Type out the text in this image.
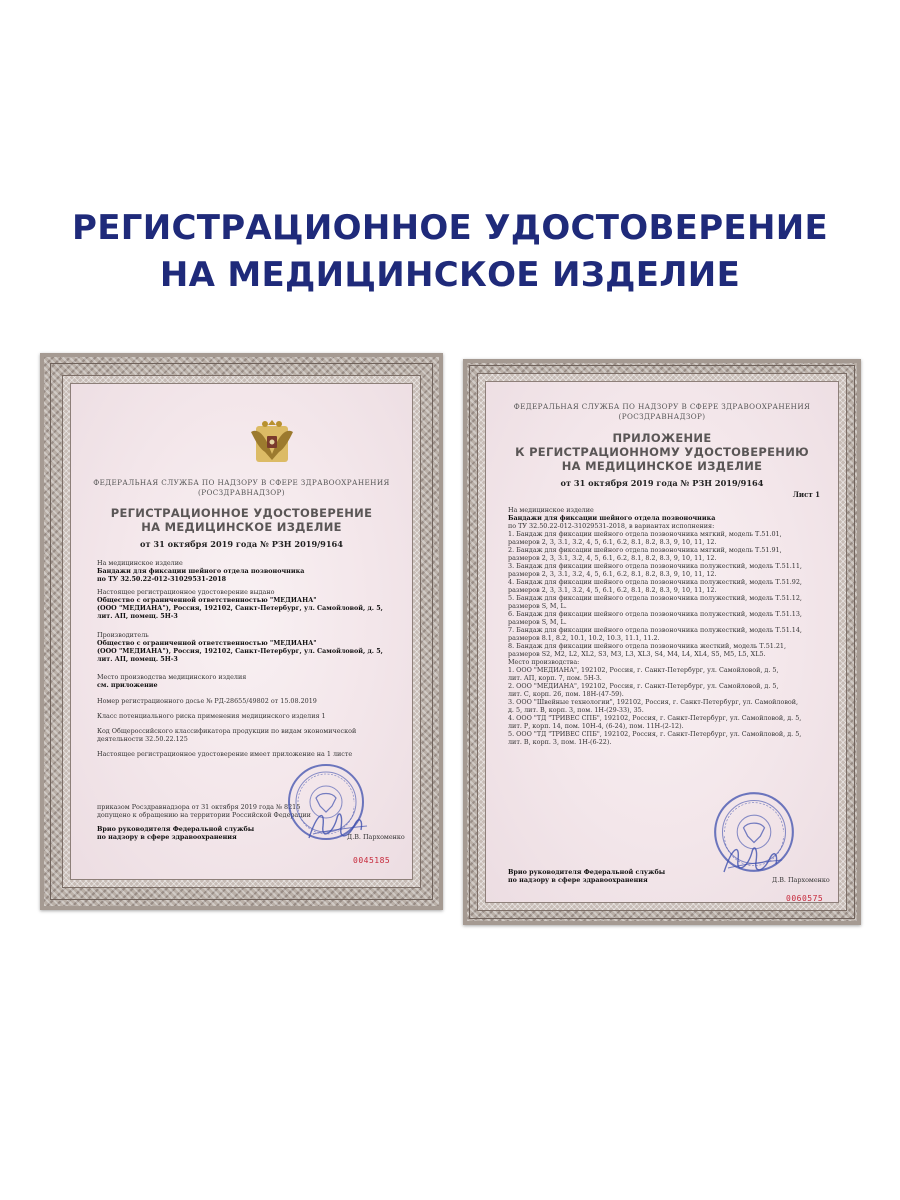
РЕГИСТРАЦИОННОЕ УДОСТОВЕРЕНИЕ
НА МЕДИЦИНСКОЕ ИЗДЕЛИЕ
ФЕДЕРАЛЬНАЯ СЛУЖБА ПО НАДЗОРУ В СФЕРЕ ЗДРАВООХРАНЕНИЯ
(РОСЗДРАВНАДЗОР)
РЕГИСТРАЦИОННОЕ УДОСТОВЕРЕНИЕ
НА МЕДИЦИНСКОЕ ИЗДЕЛИЕ
от 31 октября 2019 года № РЗН 2019/9164
На медицинское изделие
Бандажи для фиксации шейного отдела позвоночника
по ТУ 32.50.22-012-31029531-2018
Настоящее регистрационное удостоверение выдано
Общество с ограниченной ответственностью "МЕДИАНА"
(ООО "МЕДИАНА"), Россия, 192102, Санкт-Петербург, ул. Самойловой, д. 5,
лит. АП, помещ. 5Н-3
Производитель
Общество с ограниченной ответственностью "МЕДИАНА"
(ООО "МЕДИАНА"), Россия, 192102, Санкт-Петербург, ул. Самойловой, д. 5,
лит. АП, помещ. 5Н-3
Место производства медицинского изделия
см. приложение
Номер регистрационного досье № РД-28655/49802 от 15.08.2019
Класс потенциального риска применения медицинского изделия 1
Код Общероссийского классификатора продукции по видам экономической
деятельности 32.50.22.125
Настоящее регистрационное удостоверение имеет приложение на 1 листе
приказом Росздравнадзора от 31 октября 2019 года № 8215
допущено к обращению на территории Российской Федерации
Врио руководителя Федеральной службы
по надзору в сфере здравоохранения	Д.В. Пархоменко
0045185
ФЕДЕРАЛЬНАЯ СЛУЖБА ПО НАДЗОРУ В СФЕРЕ ЗДРАВООХРАНЕНИЯ
(РОСЗДРАВНАДЗОР)
ПРИЛОЖЕНИЕ
К РЕГИСТРАЦИОННОМУ УДОСТОВЕРЕНИЮ
НА МЕДИЦИНСКОЕ ИЗДЕЛИЕ
от 31 октября 2019 года № РЗН 2019/9164
Лист 1
На медицинское изделие
Бандажи для фиксации шейного отдела позвоночника
по ТУ 32.50.22-012-31029531-2018, в вариантах исполнения:
1. Бандаж для фиксации шейного отдела позвоночника мягкий, модель Т.51.01,
размеров 2, 3, 3.1, 3.2, 4, 5, 6.1, 6.2, 8.1, 8.2, 8.3, 9, 10, 11, 12.
2. Бандаж для фиксации шейного отдела позвоночника мягкий, модель Т.51.91,
размеров 2, 3, 3.1, 3.2, 4, 5, 6.1, 6.2, 8.1, 8.2, 8.3, 9, 10, 11, 12.
3. Бандаж для фиксации шейного отдела позвоночника полужесткий, модель Т.51.11,
размеров 2, 3, 3.1, 3.2, 4, 5, 6.1, 6.2, 8.1, 8.2, 8.3, 9, 10, 11, 12.
4. Бандаж для фиксации шейного отдела позвоночника полужесткий, модель Т.51.92,
размеров 2, 3, 3.1, 3.2, 4, 5, 6.1, 6.2, 8.1, 8.2, 8.3, 9, 10, 11, 12.
5. Бандаж для фиксации шейного отдела позвоночника полужесткий, модель Т.51.12,
размеров S, M, L.
6. Бандаж для фиксации шейного отдела позвоночника полужесткий, модель Т.51.13,
размеров S, M, L.
7. Бандаж для фиксации шейного отдела позвоночника полужесткий, модель Т.51.14,
размеров 8.1, 8.2, 10.1, 10.2, 10.3, 11.1, 11.2.
8. Бандаж для фиксации шейного отдела позвоночника жесткий, модель Т.51.21,
размеров S2, M2, L2, XL2, S3, M3, L3, XL3, S4, M4, L4, XL4, S5, M5, L5, XL5.
Место производства:
1. ООО "МЕДИАНА", 192102, Россия, г. Санкт-Петербург, ул. Самойловой, д. 5,
лит. АП, корп. 7, пом. 5Н-3.
2. ООО "МЕДИАНА", 192102, Россия, г. Санкт-Петербург, ул. Самойловой, д. 5,
лит. С, корп. 26, пом. 18Н-(47-59).
3. ООО "Швейные технологии", 192102, Россия, г. Санкт-Петербург, ул. Самойловой,
д. 5, лит. В, корп. 3, пом. 1Н-(29-33), 35.
4. ООО "ТД "ТРИВЕС СПБ", 192102, Россия, г. Санкт-Петербург, ул. Самойловой, д. 5,
лит. Р, корп. 14, пом. 10Н-4, (6-24), пом. 11Н-(2-12).
5. ООО "ТД "ТРИВЕС СПБ", 192102, Россия, г. Санкт-Петербург, ул. Самойловой, д. 5,
лит. В, корп. 3, пом. 1Н-(6-22).
Врио руководителя Федеральной службы
по надзору в сфере здравоохранения	Д.В. Пархоменко
0060575
